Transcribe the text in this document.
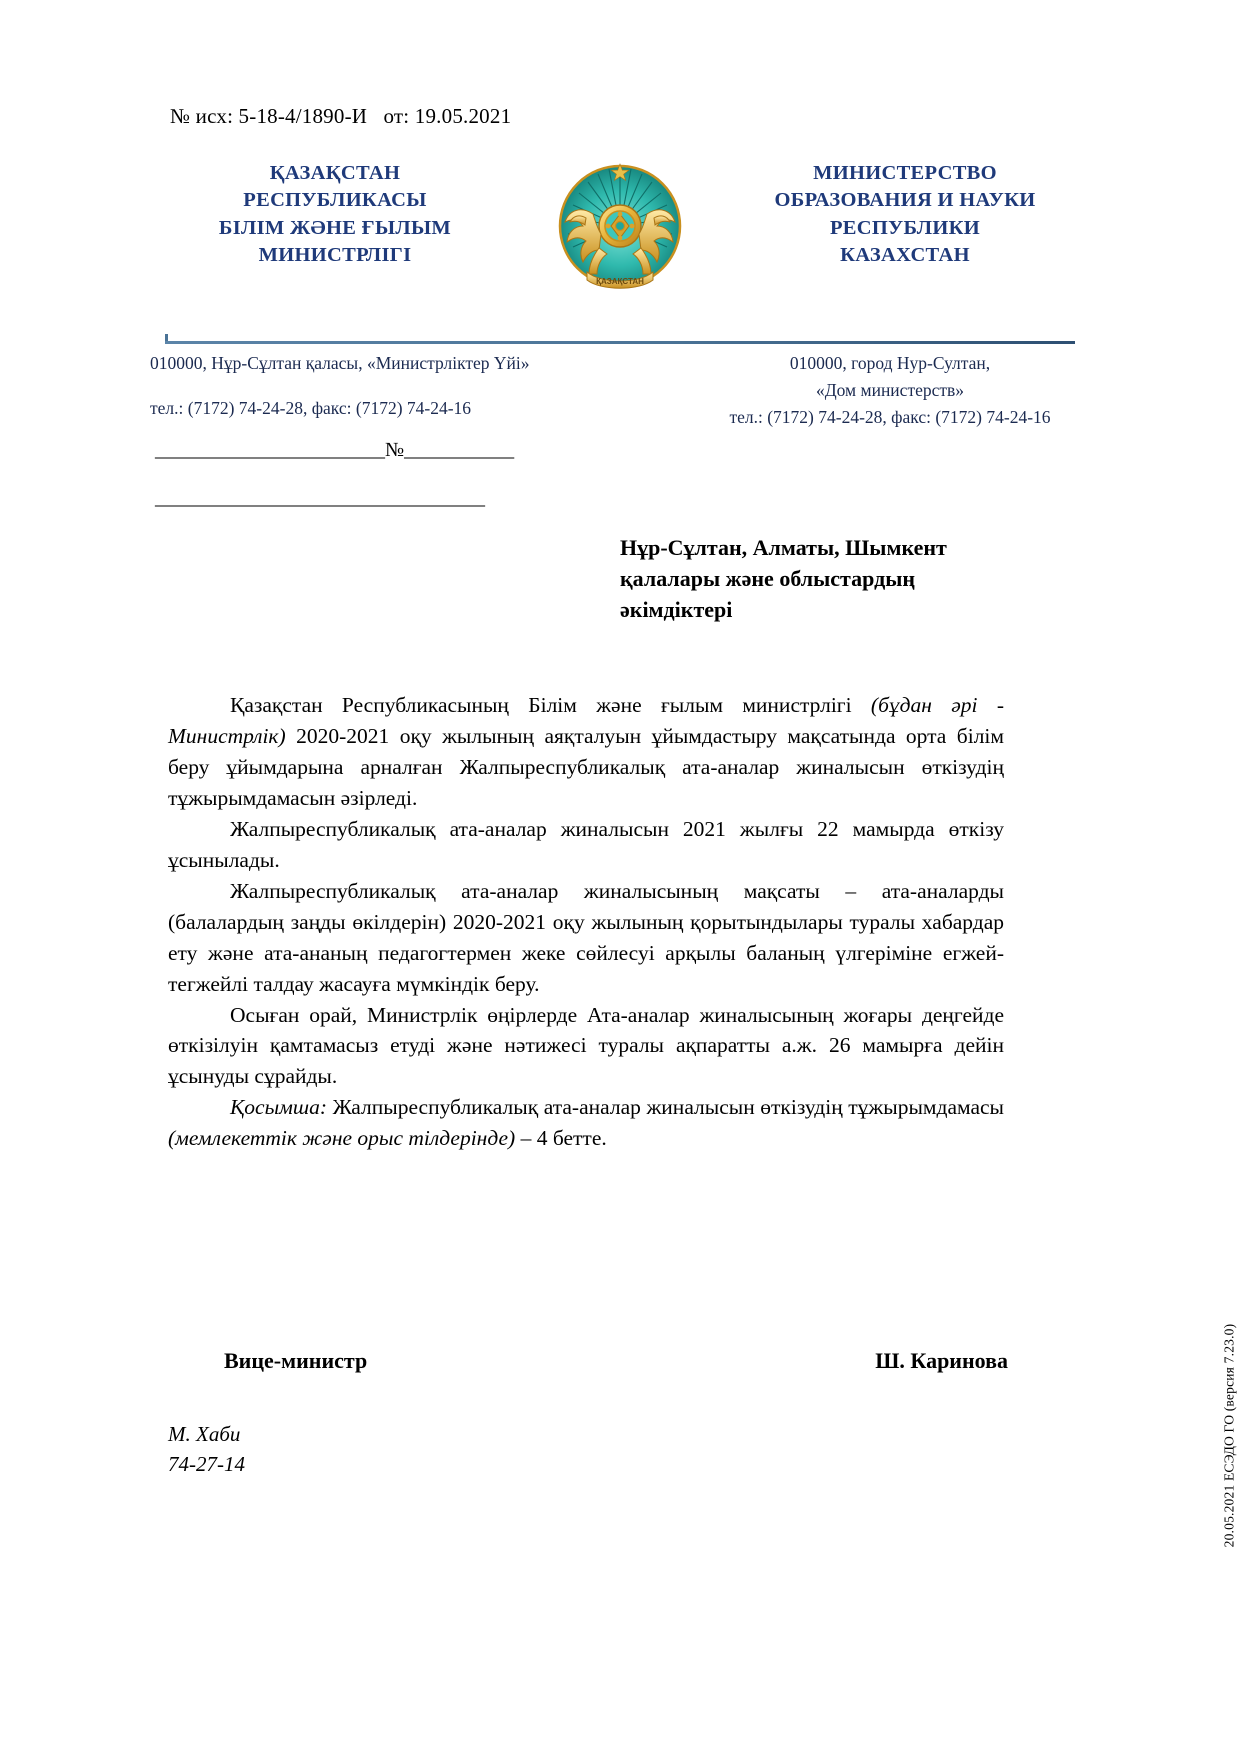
№ исх: 5-18-4/1890-И   от: 19.05.2021
ҚАЗАҚСТАН
РЕСПУБЛИКАСЫ
БІЛІМ ЖӘНЕ ҒЫЛЫМ
МИНИСТРЛІГІ
ҚАЗАҚСТАН
МИНИСТЕРСТВО
ОБРАЗОВАНИЯ И НАУКИ
РЕСПУБЛИКИ
КАЗАХСТАН
010000, Нұр-Сұлтан қаласы, «Министрліктер Үйі»
тел.: (7172) 74-24-28, факс: (7172) 74-24-16
010000, город Нур-Султан,
«Дом министерств»
тел.: (7172) 74-24-28, факс: (7172) 74-24-16
_______________________№___________
_________________________________
Нұр-Сұлтан, Алматы, Шымкент
қалалары және облыстардың
әкімдіктері

Қазақстан Республикасының Білім және ғылым министрлігі (бұдан әрі - Министрлік) 2020-2021 оқу жылының аяқталуын ұйымдастыру мақсатында орта білім беру ұйымдарына арналған Жалпыреспубликалық ата-аналар жиналысын өткізудің тұжырымдамасын әзірледі.

Жалпыреспубликалық ата-аналар жиналысын 2021 жылғы 22 мамырда өткізу ұсынылады.

Жалпыреспубликалық ата-аналар жиналысының мақсаты – ата-аналарды (балалардың заңды өкілдерін) 2020-2021 оқу жылының қорытындылары туралы хабардар ету және ата-ананың педагогтермен жеке сөйлесуі арқылы баланың үлгеріміне егжей-тегжейлі талдау жасауға мүмкіндік беру.

Осыған орай, Министрлік өңірлерде Ата-аналар жиналысының жоғары деңгейде өткізілуін қамтамасыз етуді және нәтижесі туралы ақпаратты а.ж. 26 мамырға дейін ұсынуды сұрайды.

Қосымша: Жалпыреспубликалық ата-аналар жиналысын өткізудің тұжырымдамасы (мемлекеттік және орыс тілдерінде) – 4 бетте.

Вице-министр	Ш. Каринова
М. Хаби
74-27-14	20.05.2021 ЕСЭДО ГО (версия 7.23.0)
